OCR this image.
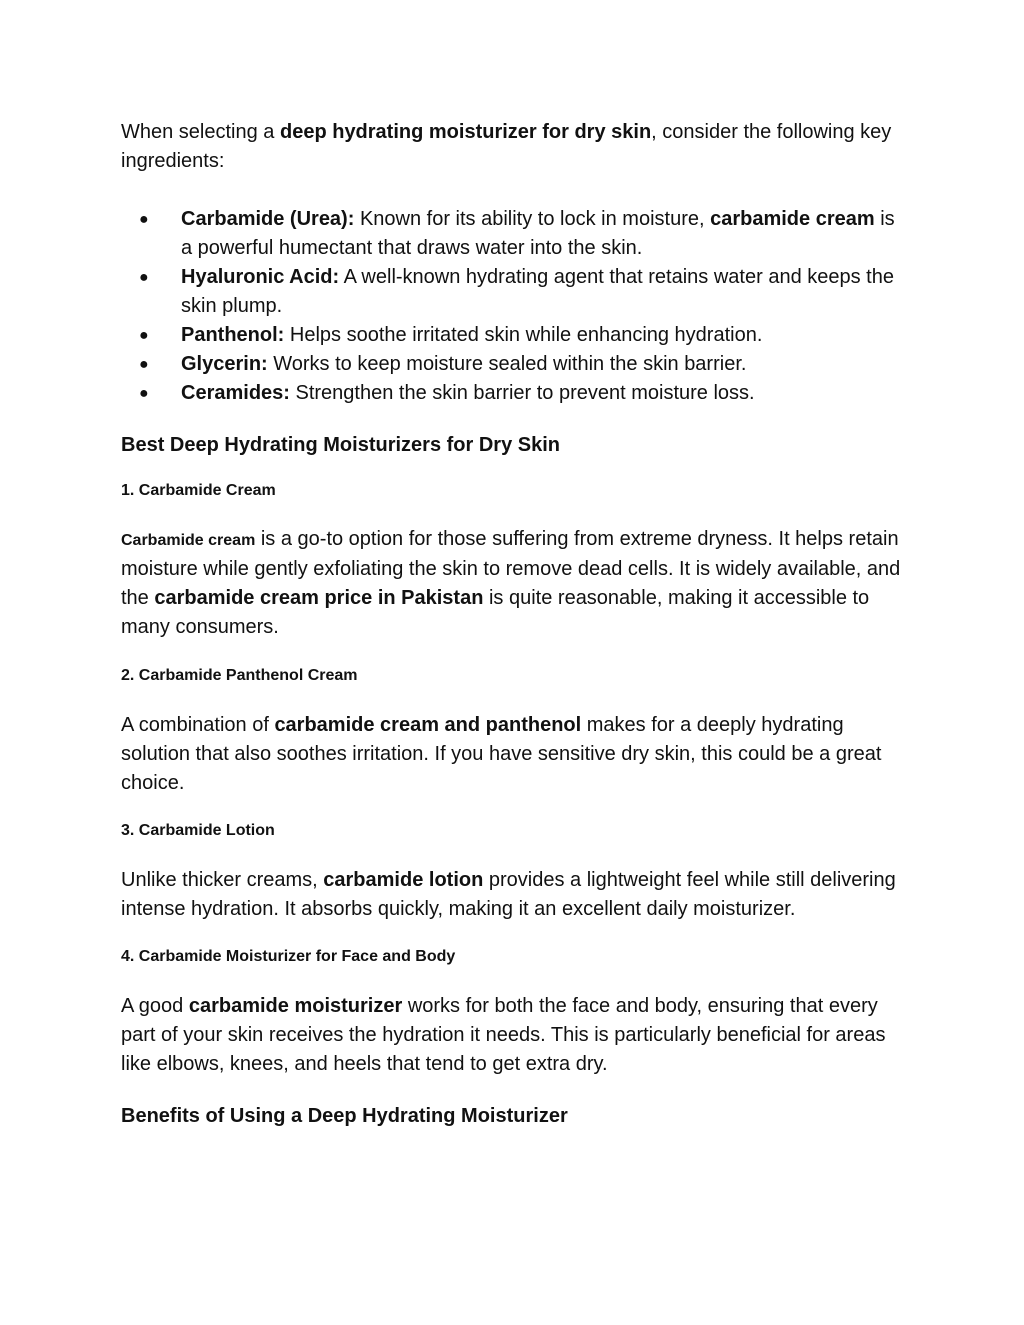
When selecting a deep hydrating moisturizer for dry skin, consider the following key ingredients:

● Carbamide (Urea): Known for its ability to lock in moisture, carbamide cream is a powerful humectant that draws water into the skin.
● Hyaluronic Acid: A well-known hydrating agent that retains water and keeps the skin plump.
● Panthenol: Helps soothe irritated skin while enhancing hydration.
● Glycerin: Works to keep moisture sealed within the skin barrier.
● Ceramides: Strengthen the skin barrier to prevent moisture loss.
Best Deep Hydrating Moisturizers for Dry Skin
1. Carbamide Cream

Carbamide cream is a go-to option for those suffering from extreme dryness. It helps retain moisture while gently exfoliating the skin to remove dead cells. It is widely available, and the carbamide cream price in Pakistan is quite reasonable, making it accessible to many consumers.

2. Carbamide Panthenol Cream

A combination of carbamide cream and panthenol makes for a deeply hydrating solution that also soothes irritation. If you have sensitive dry skin, this could be a great choice.

3. Carbamide Lotion

Unlike thicker creams, carbamide lotion provides a lightweight feel while still delivering intense hydration. It absorbs quickly, making it an excellent daily moisturizer.

4. Carbamide Moisturizer for Face and Body

A good carbamide moisturizer works for both the face and body, ensuring that every part of your skin receives the hydration it needs. This is particularly beneficial for areas like elbows, knees, and heels that tend to get extra dry.

Benefits of Using a Deep Hydrating Moisturizer
